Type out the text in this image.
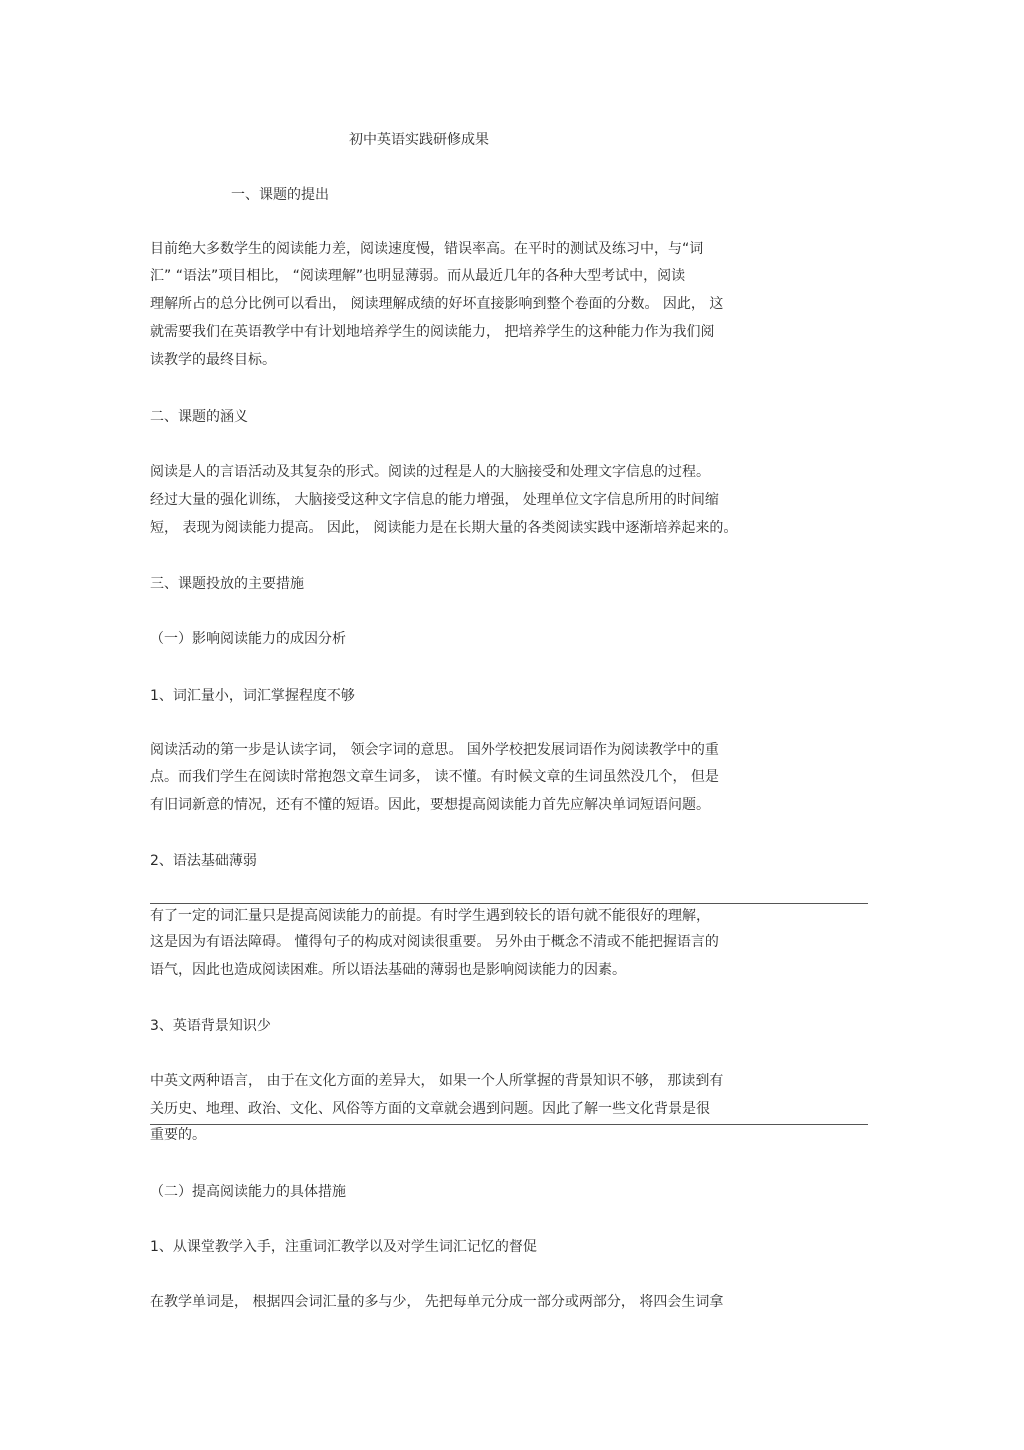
初中英语实践研修成果
一、课题的提出
目前绝大多数学生的阅读能力差，阅读速度慢，错误率高。在平时的测试及练习中，与“词
汇” “语法”项目相比， “阅读理解”也明显薄弱。而从最近几年的各种大型考试中，阅读
理解所占的总分比例可以看出， 阅读理解成绩的好坏直接影响到整个卷面的分数。 因此， 这
就需要我们在英语教学中有计划地培养学生的阅读能力， 把培养学生的这种能力作为我们阅
读教学的最终目标。
二、课题的涵义
阅读是人的言语活动及其复杂的形式。阅读的过程是人的大脑接受和处理文字信息的过程。
经过大量的强化训练， 大脑接受这种文字信息的能力增强， 处理单位文字信息所用的时间缩
短， 表现为阅读能力提高。 因此， 阅读能力是在长期大量的各类阅读实践中逐渐培养起来的。
三、课题投放的主要措施
（一）影响阅读能力的成因分析
1、词汇量小，词汇掌握程度不够
阅读活动的第一步是认读字词， 领会字词的意思。 国外学校把发展词语作为阅读教学中的重
点。而我们学生在阅读时常抱怨文章生词多， 读不懂。有时候文章的生词虽然没几个， 但是
有旧词新意的情况，还有不懂的短语。因此，要想提高阅读能力首先应解决单词短语问题。
2、语法基础薄弱
有了一定的词汇量只是提高阅读能力的前提。有时学生遇到较长的语句就不能很好的理解，
这是因为有语法障碍。 懂得句子的构成对阅读很重要。 另外由于概念不清或不能把握语言的
语气，因此也造成阅读困难。所以语法基础的薄弱也是影响阅读能力的因素。
3、英语背景知识少
中英文两种语言， 由于在文化方面的差异大， 如果一个人所掌握的背景知识不够， 那读到有
关历史、地理、政治、文化、风俗等方面的文章就会遇到问题。因此了解一些文化背景是很
重要的。
（二）提高阅读能力的具体措施
1、从课堂教学入手，注重词汇教学以及对学生词汇记忆的督促
在教学单词是， 根据四会词汇量的多与少， 先把每单元分成一部分或两部分， 将四会生词拿
